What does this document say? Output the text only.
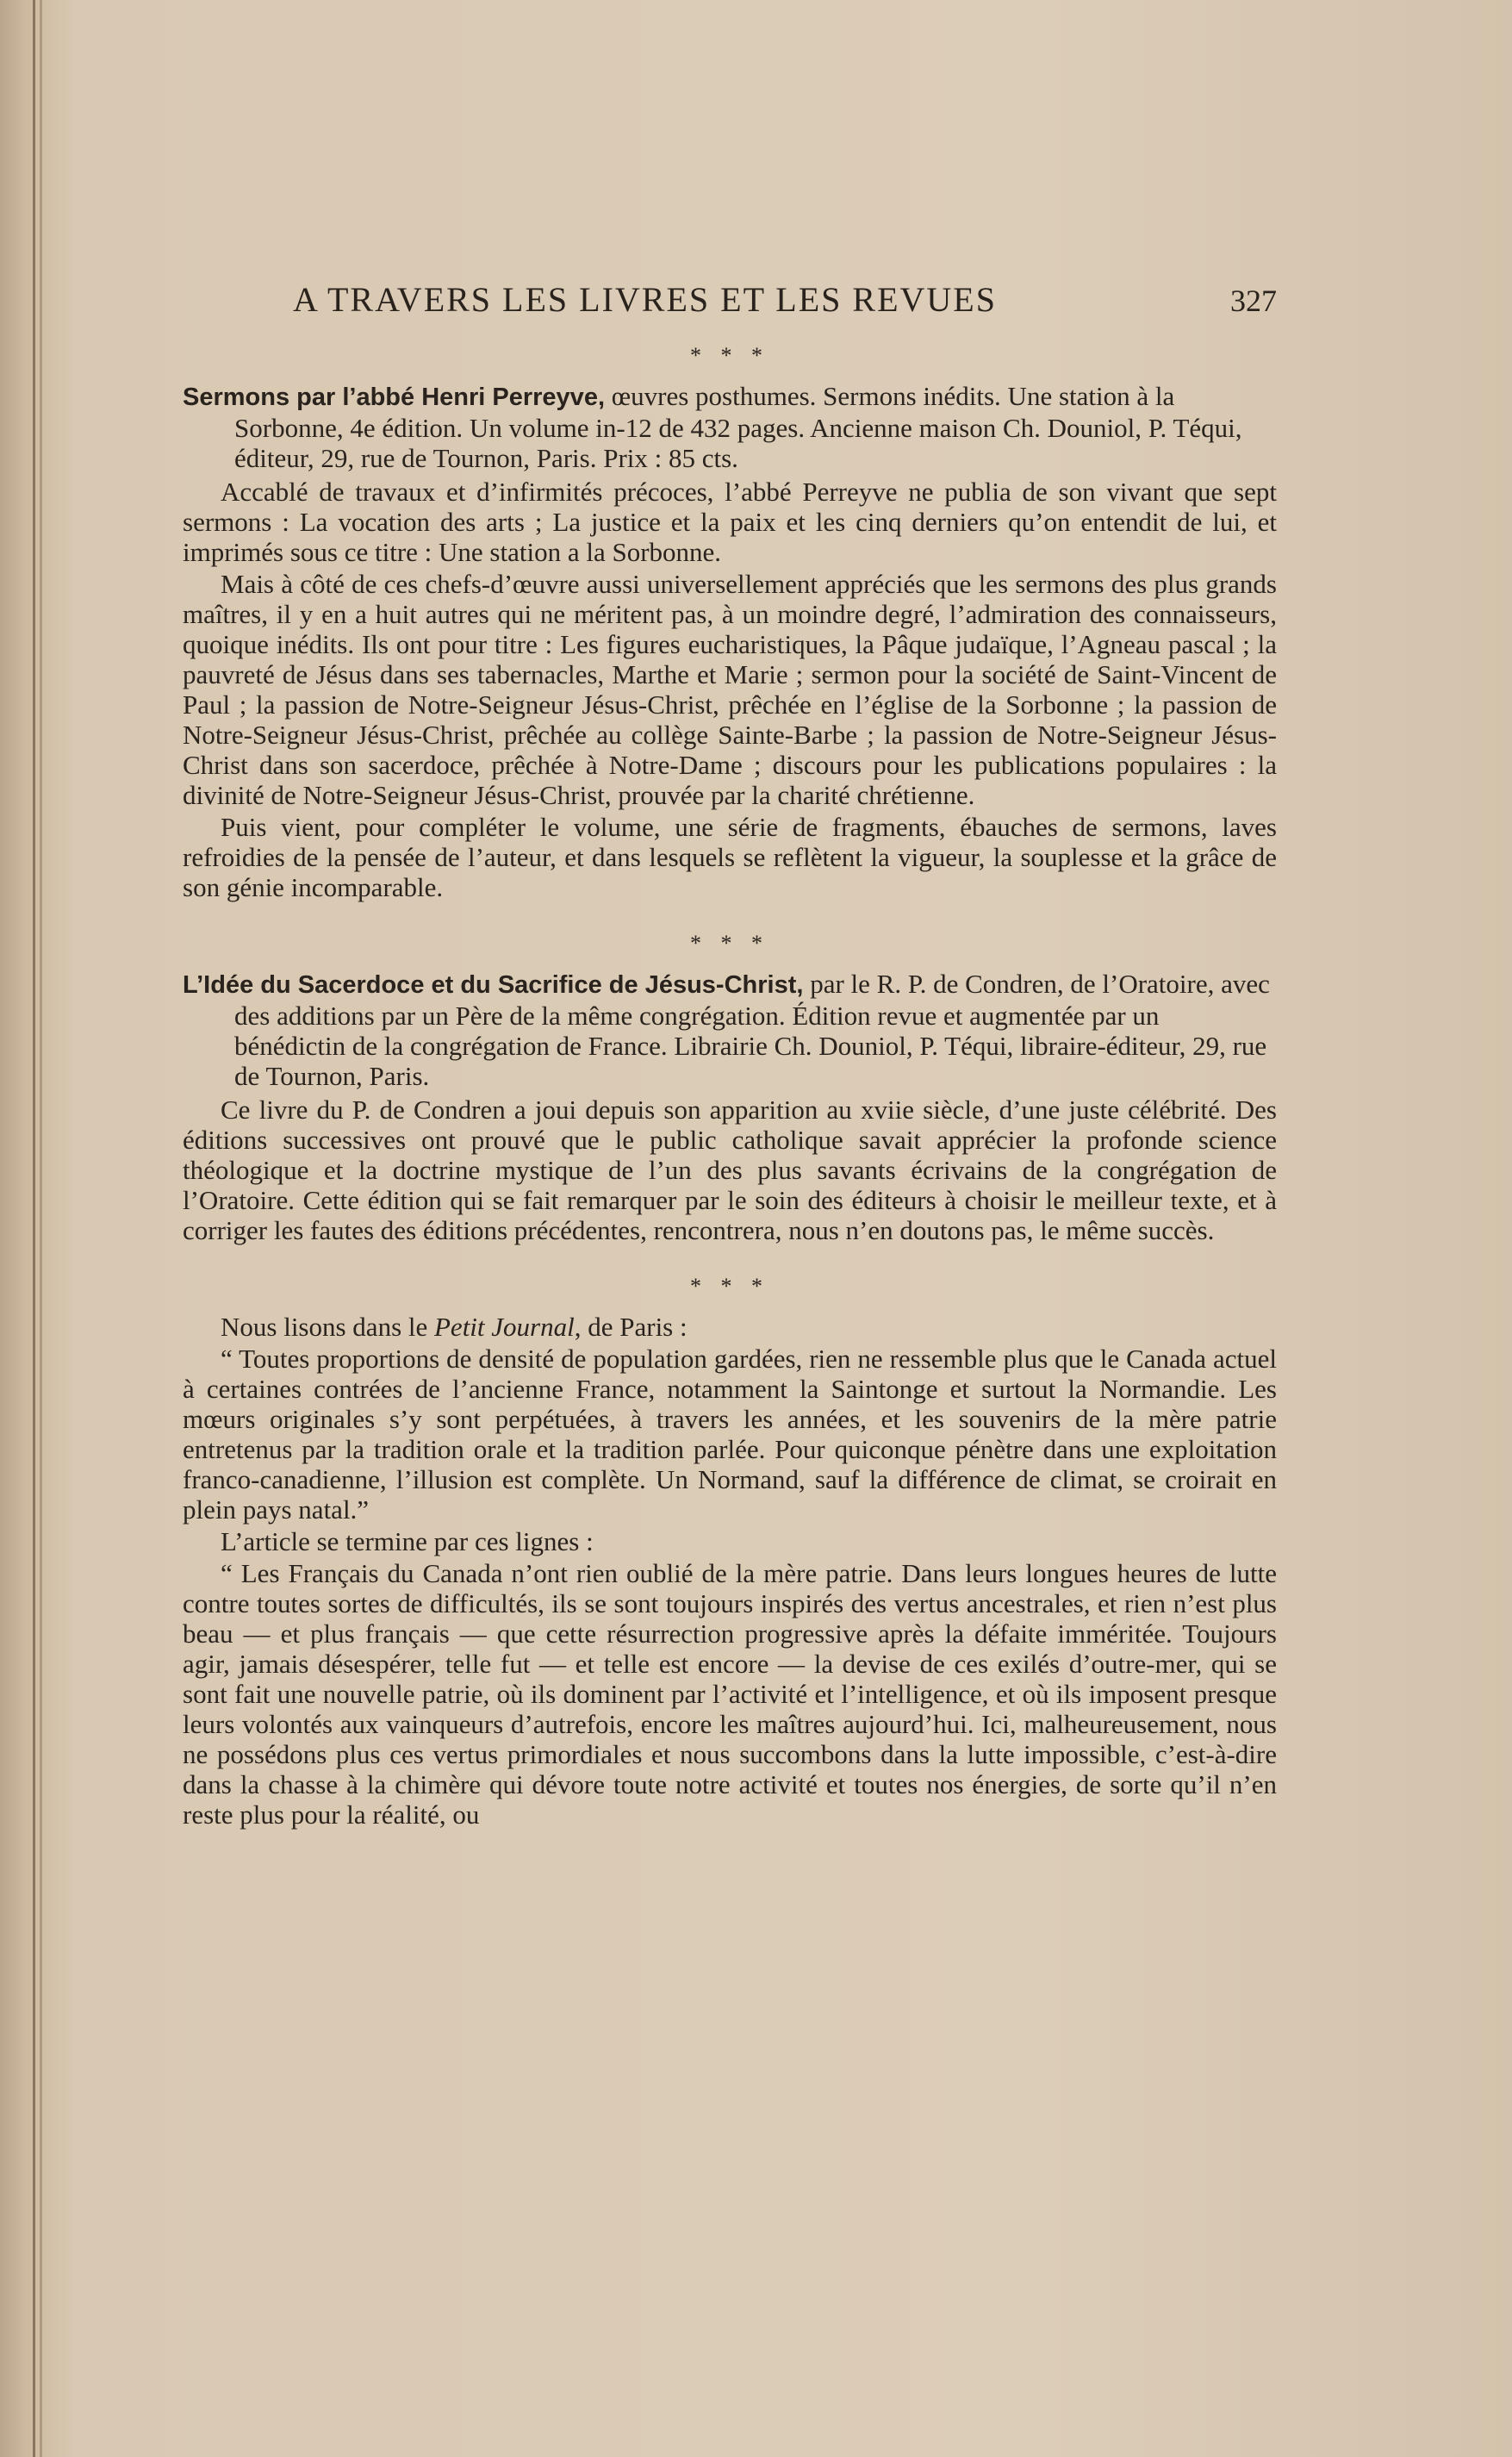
A TRAVERS LES LIVRES ET LES REVUES	327
* * *

Sermons par l’abbé Henri Perreyve, œuvres posthumes. Sermons inédits. Une station à la Sorbonne, 4e édition. Un volume in-12 de 432 pages. Ancienne maison Ch. Douniol, P. Téqui, éditeur, 29, rue de Tournon, Paris. Prix : 85 cts.

Accablé de travaux et d’infirmités précoces, l’abbé Perreyve ne publia de son vivant que sept sermons : La vocation des arts ; La justice et la paix et les cinq derniers qu’on entendit de lui, et imprimés sous ce titre : Une station a la Sorbonne.

Mais à côté de ces chefs-d’œuvre aussi universellement appréciés que les sermons des plus grands maîtres, il y en a huit autres qui ne méritent pas, à un moindre degré, l’admiration des connaisseurs, quoique inédits. Ils ont pour titre : Les figures eucharistiques, la Pâque judaïque, l’Agneau pascal ; la pauvreté de Jésus dans ses tabernacles, Marthe et Marie ; sermon pour la société de Saint-Vincent de Paul ; la passion de Notre-Seigneur Jésus-Christ, prêchée en l’église de la Sorbonne ; la passion de Notre-Seigneur Jésus-Christ, prêchée au collège Sainte-Barbe ; la passion de Notre-Seigneur Jésus-Christ dans son sacerdoce, prêchée à Notre-Dame ; discours pour les publications populaires : la divinité de Notre-Seigneur Jésus-Christ, prouvée par la charité chrétienne.

Puis vient, pour compléter le volume, une série de fragments, ébauches de sermons, laves refroidies de la pensée de l’auteur, et dans lesquels se reflètent la vigueur, la souplesse et la grâce de son génie incomparable.

* * *

L’Idée du Sacerdoce et du Sacrifice de Jésus-Christ, par le R. P. de Condren, de l’Oratoire, avec des additions par un Père de la même congrégation. Édition revue et augmentée par un bénédictin de la congrégation de France. Librairie Ch. Douniol, P. Téqui, libraire-éditeur, 29, rue de Tournon, Paris.

Ce livre du P. de Condren a joui depuis son apparition au xviie siècle, d’une juste célébrité. Des éditions successives ont prouvé que le public catholique savait apprécier la profonde science théologique et la doctrine mystique de l’un des plus savants écrivains de la congrégation de l’Oratoire. Cette édition qui se fait remarquer par le soin des éditeurs à choisir le meilleur texte, et à corriger les fautes des éditions précédentes, rencontrera, nous n’en doutons pas, le même succès.

* * *

Nous lisons dans le Petit Journal, de Paris :

“ Toutes proportions de densité de population gardées, rien ne ressemble plus que le Canada actuel à certaines contrées de l’ancienne France, notamment la Saintonge et surtout la Normandie. Les mœurs originales s’y sont perpétuées, à travers les années, et les souvenirs de la mère patrie entretenus par la tradition orale et la tradition parlée. Pour quiconque pénètre dans une exploitation franco-canadienne, l’illusion est complète. Un Normand, sauf la différence de climat, se croirait en plein pays natal.”

L’article se termine par ces lignes :

“ Les Français du Canada n’ont rien oublié de la mère patrie. Dans leurs longues heures de lutte contre toutes sortes de difficultés, ils se sont toujours inspirés des vertus ancestrales, et rien n’est plus beau — et plus français — que cette résurrection progressive après la défaite imméritée. Toujours agir, jamais désespérer, telle fut — et telle est encore — la devise de ces exilés d’outre-mer, qui se sont fait une nouvelle patrie, où ils dominent par l’activité et l’intelligence, et où ils imposent presque leurs volontés aux vainqueurs d’autrefois, encore les maîtres aujourd’hui. Ici, malheureusement, nous ne possédons plus ces vertus primordiales et nous succombons dans la lutte impossible, c’est-à-dire dans la chasse à la chimère qui dévore toute notre activité et toutes nos énergies, de sorte qu’il n’en reste plus pour la réalité, ou
